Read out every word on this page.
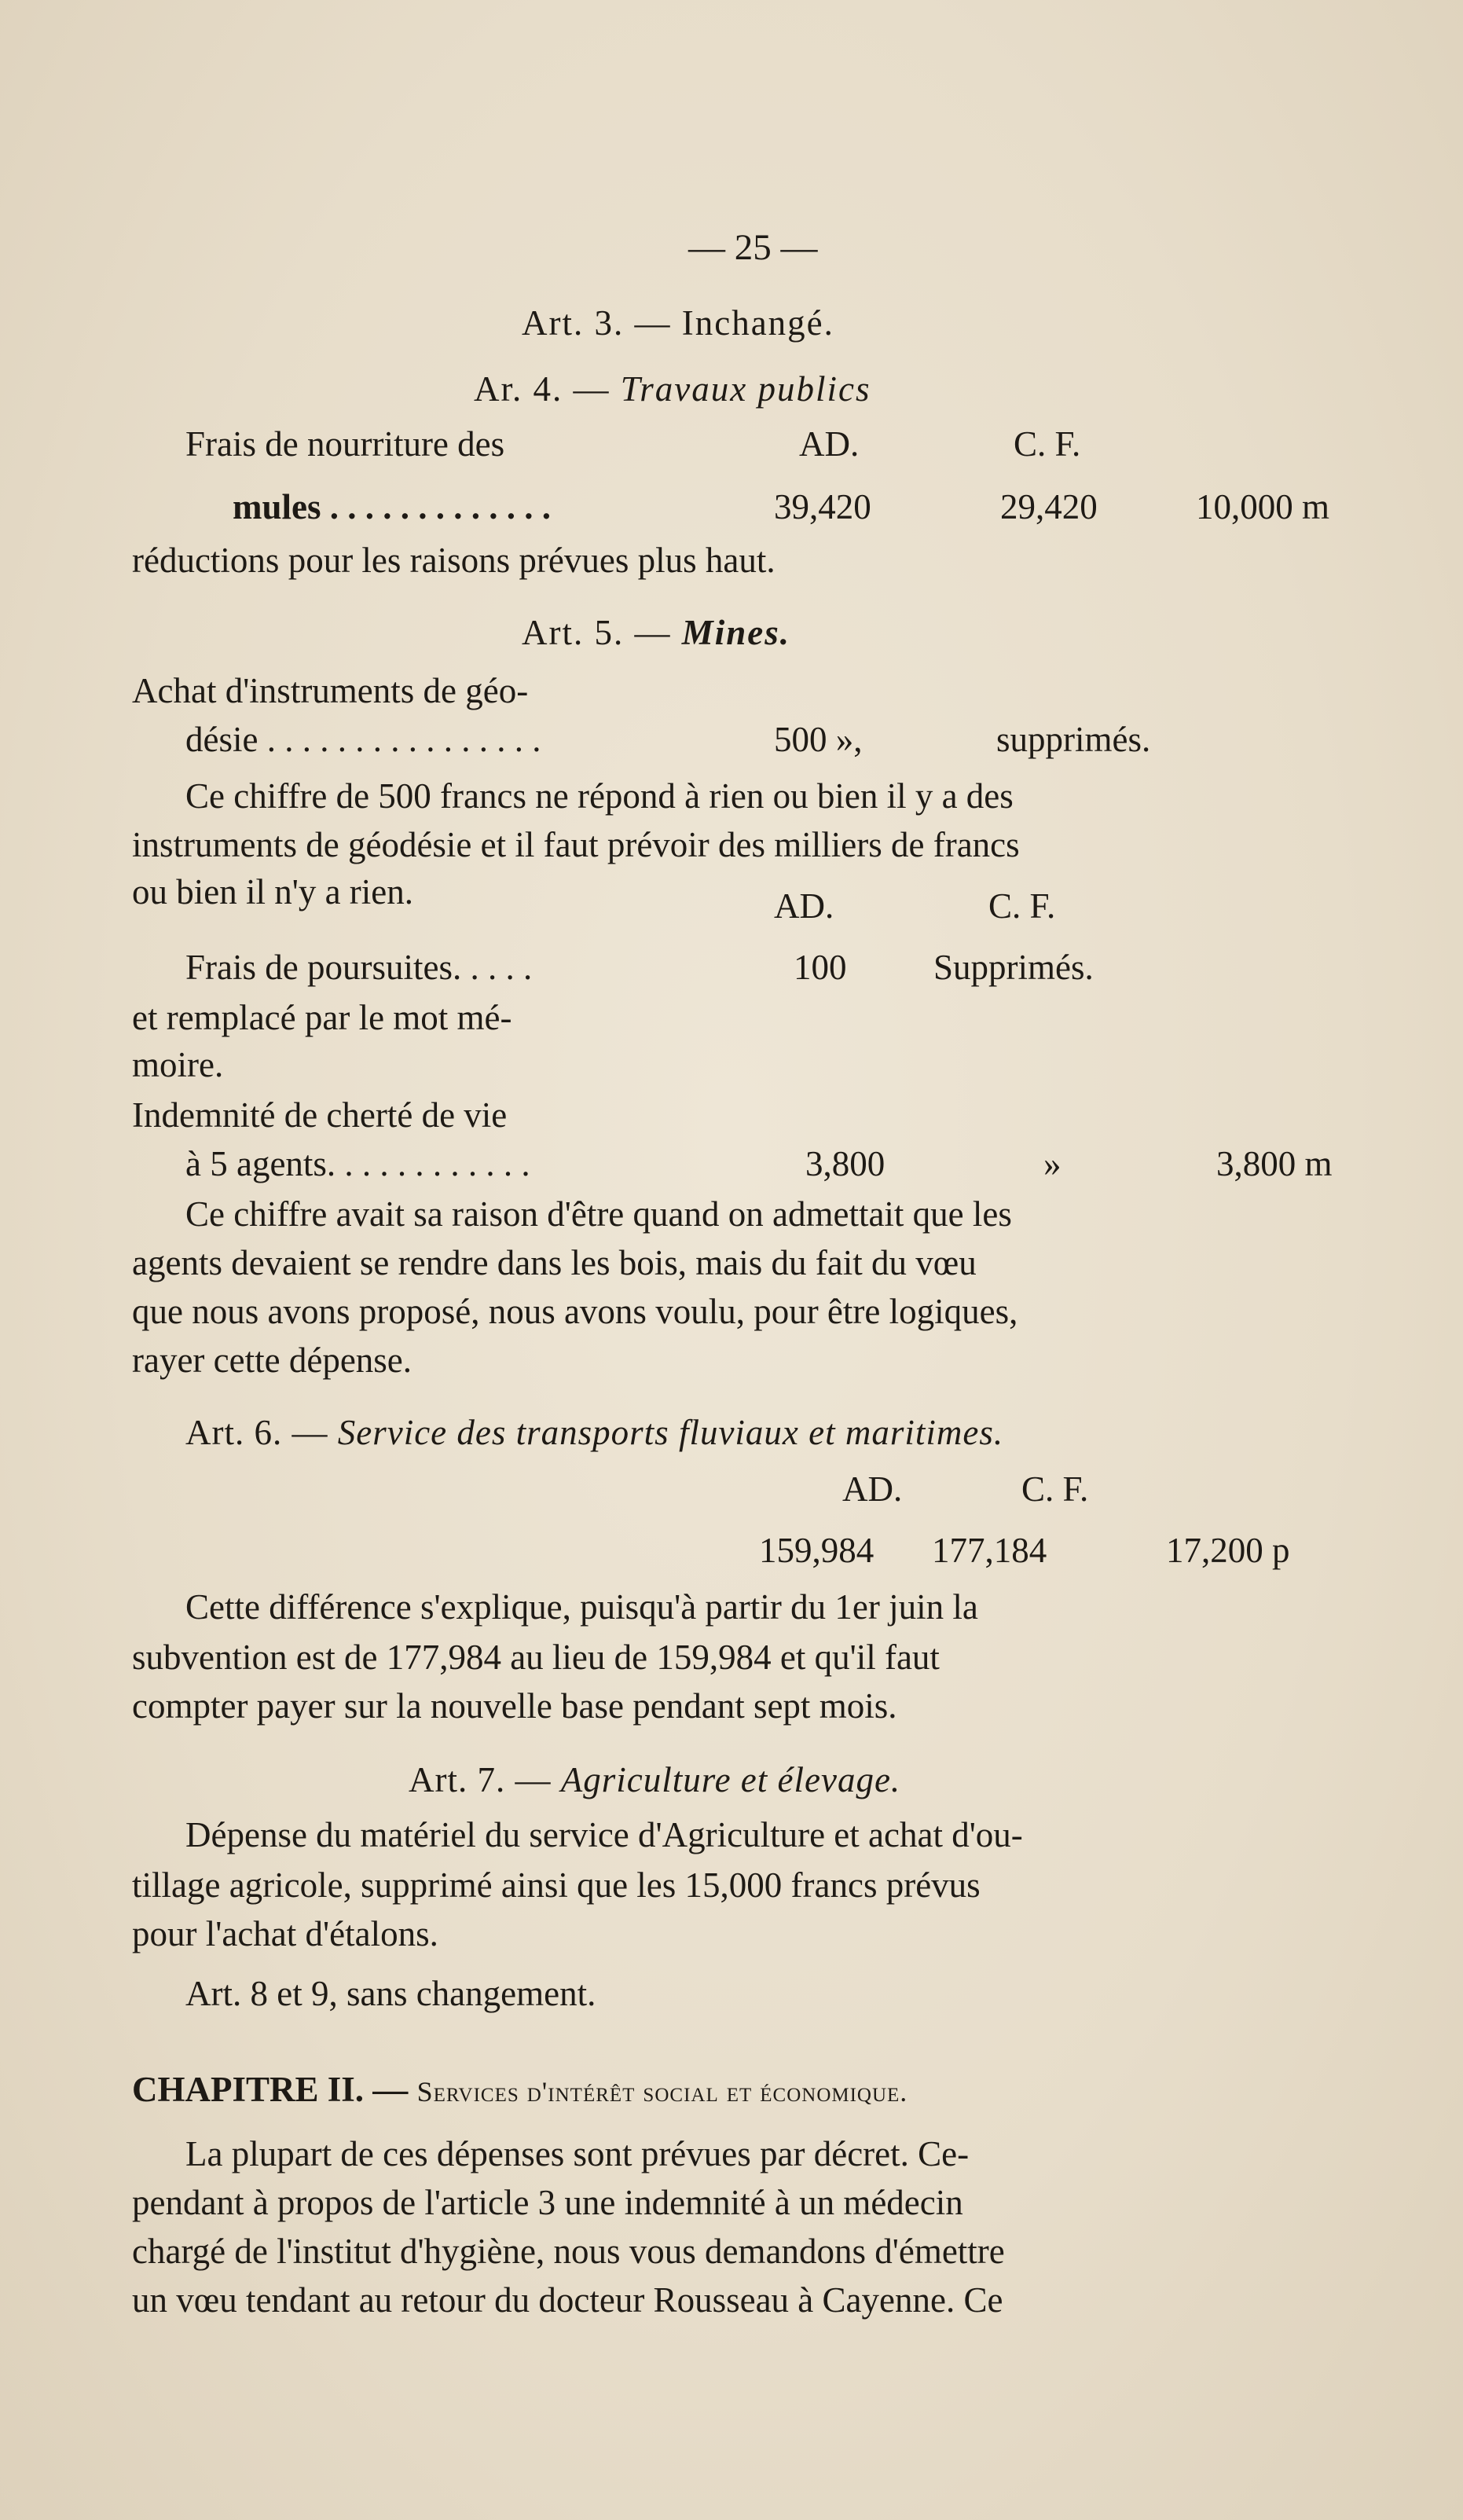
— 25 —
Art. 3. — Inchangé.
Ar. 4. — Travaux publics
Frais de nourriture des	AD.	C. F.
mules . . . . . . . . . . . . .	39,420	29,420	10,000 m
réductions pour les raisons prévues plus haut.
Art. 5. — Mines.
Achat d'instruments de géo-
désie . . . . . . . . . . . . . . . .	500 »,	supprimés.
Ce chiffre de 500 francs ne répond à rien ou bien il y a des
instruments de géodésie et il faut prévoir des milliers de francs
ou bien il n'y a rien.	AD.	C. F.
Frais de poursuites. . . . .	100 Supprimés.
et remplacé par le mot mé-
moire.
Indemnité de cherté de vie
à 5 agents. . . . . . . . . . . .	3,800	»	3,800 m
Ce chiffre avait sa raison d'être quand on admettait que les
agents devaient se rendre dans les bois, mais du fait du vœu
que nous avons proposé, nous avons voulu, pour être logiques,
rayer cette dépense.
Art. 6. — Service des transports fluviaux et maritimes.
AD.	C. F.
159,984 177,184	17,200 p
Cette différence s'explique, puisqu'à partir du 1er juin la
subvention est de 177,984 au lieu de 159,984 et qu'il faut
compter payer sur la nouvelle base pendant sept mois.
Art. 7. — Agriculture et élevage.
Dépense du matériel du service d'Agriculture et achat d'ou-
tillage agricole, supprimé ainsi que les 15,000 francs prévus
pour l'achat d'étalons.
Art. 8 et 9, sans changement.
CHAPITRE II. — Services d'intérêt social et économique.
La plupart de ces dépenses sont prévues par décret. Ce-
pendant à propos de l'article 3 une indemnité à un médecin
chargé de l'institut d'hygiène, nous vous demandons d'émettre
un vœu tendant au retour du docteur Rousseau à Cayenne. Ce
